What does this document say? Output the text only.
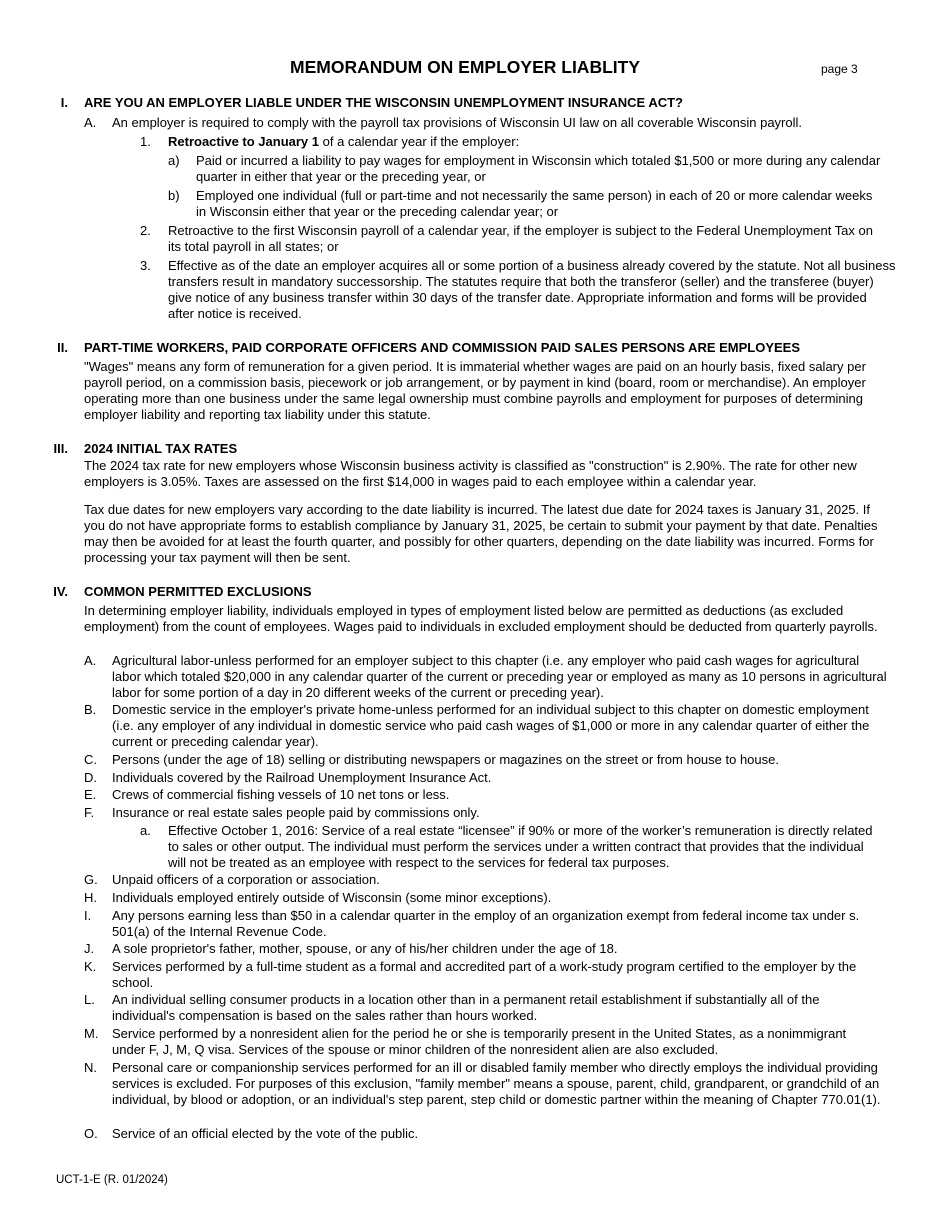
MEMORANDUM ON EMPLOYER LIABLITY	page 3
I. ARE YOU AN EMPLOYER LIABLE UNDER THE WISCONSIN UNEMPLOYMENT INSURANCE ACT?
A. An employer is required to comply with the payroll tax provisions of Wisconsin UI law on all coverable Wisconsin payroll.
1. Retroactive to January 1 of a calendar year if the employer:
a) Paid or incurred a liability to pay wages for employment in Wisconsin which totaled $1,500 or more during any calendar quarter in either that year or the preceding year, or
b) Employed one individual (full or part-time and not necessarily the same person) in each of 20 or more calendar weeks in Wisconsin either that year or the preceding calendar year; or
2. Retroactive to the first Wisconsin payroll of a calendar year, if the employer is subject to the Federal Unemployment Tax on its total payroll in all states; or
3. Effective as of the date an employer acquires all or some portion of a business already covered by the statute. Not all business transfers result in mandatory successorship. The statutes require that both the transferor (seller) and the transferee (buyer) give notice of any business transfer within 30 days of the transfer date. Appropriate information and forms will be provided after notice is received.
II. PART-TIME WORKERS, PAID CORPORATE OFFICERS AND COMMISSION PAID SALES PERSONS ARE EMPLOYEES
"Wages" means any form of remuneration for a given period. It is immaterial whether wages are paid on an hourly basis, fixed salary per payroll period, on a commission basis, piecework or job arrangement, or by payment in kind (board, room or merchandise). An employer operating more than one business under the same legal ownership must combine payrolls and employment for purposes of determining employer liability and reporting tax liability under this statute.
III. 2024 INITIAL TAX RATES
The 2024 tax rate for new employers whose Wisconsin business activity is classified as "construction" is 2.90%. The rate for other new employers is 3.05%. Taxes are assessed on the first $14,000 in wages paid to each employee within a calendar year.
Tax due dates for new employers vary according to the date liability is incurred. The latest due date for 2024 taxes is January 31, 2025. If you do not have appropriate forms to establish compliance by January 31, 2025, be certain to submit your payment by that date. Penalties may then be avoided for at least the fourth quarter, and possibly for other quarters, depending on the date liability was incurred. Forms for processing your tax payment will then be sent.
IV. COMMON PERMITTED EXCLUSIONS
In determining employer liability, individuals employed in types of employment listed below are permitted as deductions (as excluded employment) from the count of employees. Wages paid to individuals in excluded employment should be deducted from quarterly payrolls.
A. Agricultural labor-unless performed for an employer subject to this chapter (i.e. any employer who paid cash wages for agricultural labor which totaled $20,000 in any calendar quarter of the current or preceding year or employed as many as 10 persons in agricultural labor for some portion of a day in 20 different weeks of the current or preceding year).
B. Domestic service in the employer's private home-unless performed for an individual subject to this chapter on domestic employment (i.e. any employer of any individual in domestic service who paid cash wages of $1,000 or more in any calendar quarter of either the current or preceding calendar year).
C. Persons (under the age of 18) selling or distributing newspapers or magazines on the street or from house to house.
D. Individuals covered by the Railroad Unemployment Insurance Act.
E. Crews of commercial fishing vessels of 10 net tons or less.
F. Insurance or real estate sales people paid by commissions only.
a. Effective October 1, 2016: Service of a real estate “licensee” if 90% or more of the worker’s remuneration is directly related to sales or other output. The individual must perform the services under a written contract that provides that the individual will not be treated as an employee with respect to the services for federal tax purposes.
G. Unpaid officers of a corporation or association.
H. Individuals employed entirely outside of Wisconsin (some minor exceptions).
I. Any persons earning less than $50 in a calendar quarter in the employ of an organization exempt from federal income tax under s. 501(a) of the Internal Revenue Code.
J. A sole proprietor's father, mother, spouse, or any of his/her children under the age of 18.
K. Services performed by a full-time student as a formal and accredited part of a work-study program certified to the employer by the school.
L. An individual selling consumer products in a location other than in a permanent retail establishment if substantially all of the individual's compensation is based on the sales rather than hours worked.
M. Service performed by a nonresident alien for the period he or she is temporarily present in the United States, as a nonimmigrant under F, J, M, Q visa. Services of the spouse or minor children of the nonresident alien are also excluded.
N. Personal care or companionship services performed for an ill or disabled family member who directly employs the individual providing services is excluded. For purposes of this exclusion, "family member" means a spouse, parent, child, grandparent, or grandchild of an individual, by blood or adoption, or an individual's step parent, step child or domestic partner within the meaning of Chapter 770.01(1).
O. Service of an official elected by the vote of the public.
UCT-1-E (R. 01/2024)
